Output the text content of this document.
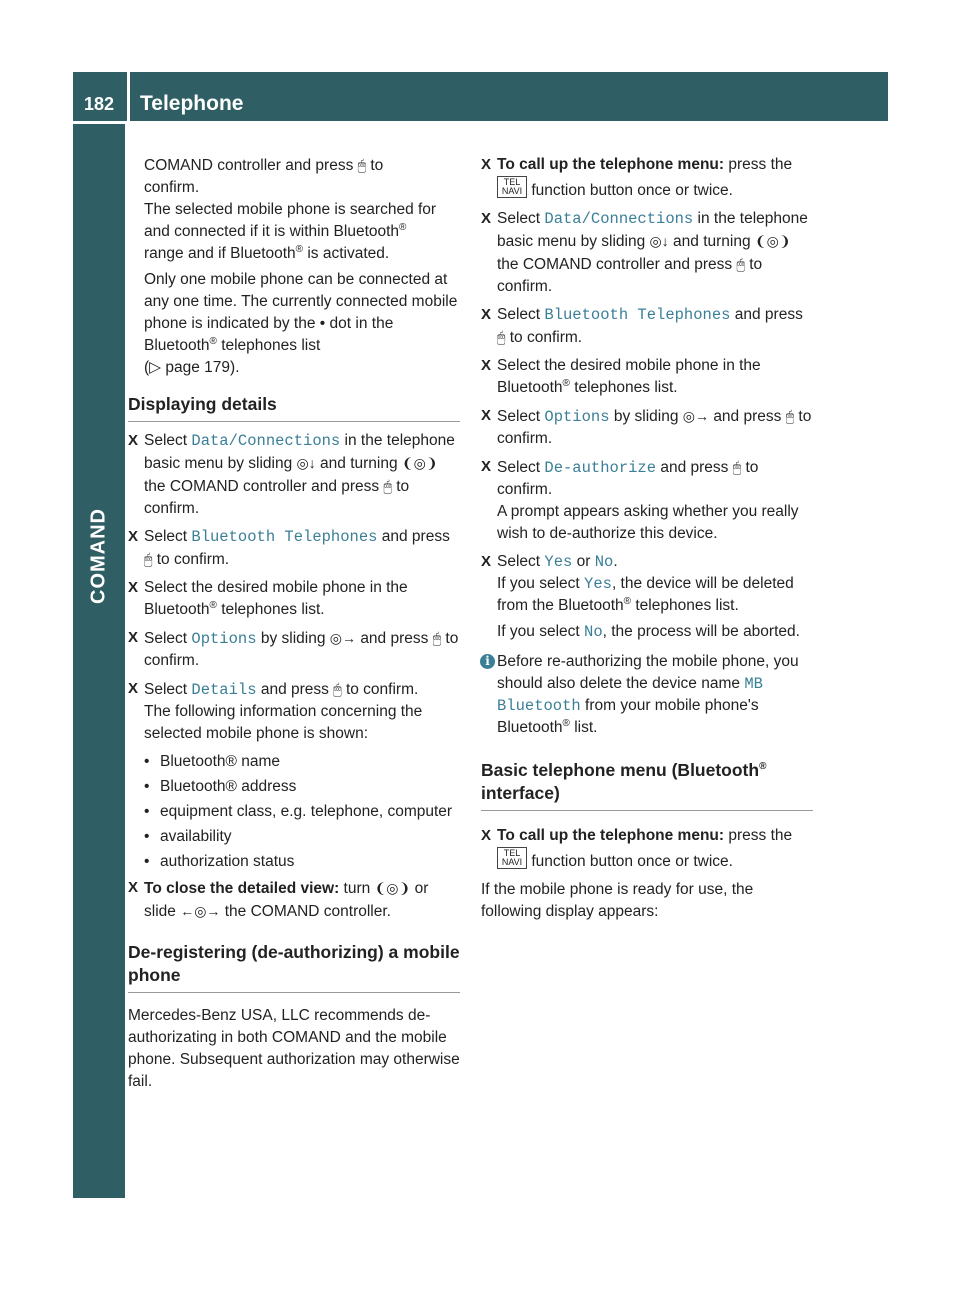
182	Telephone
COMAND

COMAND controller and press 🖱 to

confirm.

The selected mobile phone is searched for and connected if it is within Bluetooth®

range and if Bluetooth® is activated.

Only one mobile phone can be connected at any one time. The currently connected mobile phone is indicated by the • dot in the Bluetooth® telephones list

(▷ page 179).

Displaying details
X Select Data/Connections in the telephone basic menu by sliding ◎↓ and turning ❨◎❩ the COMAND controller and press 🖱 to confirm.
X Select Bluetooth Telephones and press 🖱 to confirm.
X Select the desired mobile phone in the Bluetooth® telephones list.
X Select Options by sliding ◎→ and press 🖱 to confirm.
X Select Details and press 🖱 to confirm.

The following information concerning the selected mobile phone is shown:

• Bluetooth® name
• Bluetooth® address
• equipment class, e.g. telephone, computer
• availability
• authorization status
X To close the detailed view: turn ❨◎❩ or slide ←◎→ the COMAND controller.
De-registering (de-authorizing) a mobile phone

Mercedes-Benz USA, LLC recommends de-authorizating in both COMAND and the mobile phone. Subsequent authorization may otherwise fail.

X To call up the telephone menu: press the TEL
NAVI function button once or twice.
X Select Data/Connections in the telephone basic menu by sliding ◎↓ and turning ❨◎❩ the COMAND controller and press 🖱 to confirm.
X Select Bluetooth Telephones and press 🖱 to confirm.
X Select the desired mobile phone in the Bluetooth® telephones list.
X Select Options by sliding ◎→ and press 🖱 to confirm.
X Select De-authorize and press 🖱 to

confirm.

A prompt appears asking whether you really wish to de-authorize this device.

X Select Yes or No.

If you select Yes, the device will be deleted from the Bluetooth® telephones list.

If you select No, the process will be aborted.

i Before re-authorizing the mobile phone, you should also delete the device name MB Bluetooth from your mobile phone's Bluetooth® list.
Basic telephone menu (Bluetooth®
interface)
X To call up the telephone menu: press the TEL
NAVI function button once or twice.

If the mobile phone is ready for use, the following display appears:
